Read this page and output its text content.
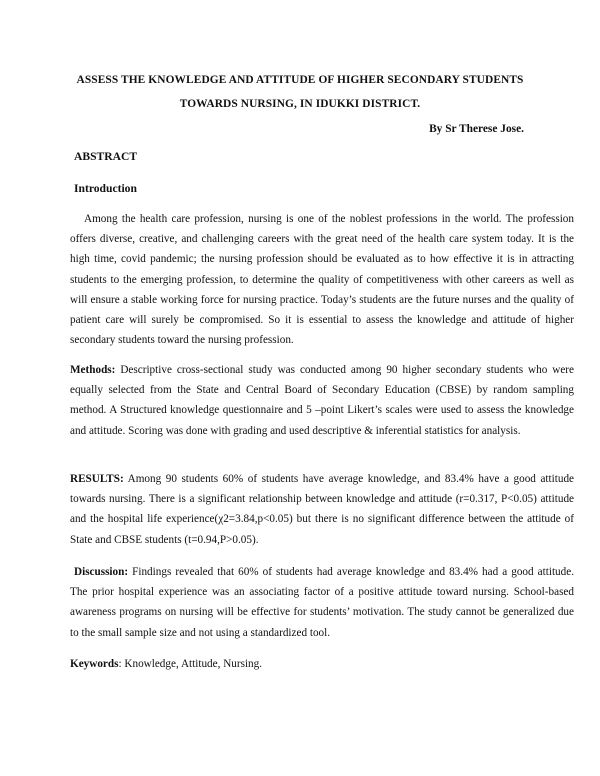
ASSESS THE KNOWLEDGE AND ATTITUDE OF HIGHER SECONDARY STUDENTS
TOWARDS NURSING, IN IDUKKI DISTRICT.
By Sr Therese Jose.
ABSTRACT
Introduction
Among the health care profession, nursing is one of the noblest professions in the world. The profession offers diverse, creative, and challenging careers with the great need of the health care system today. It is the high time, covid pandemic; the nursing profession should be evaluated as to how effective it is in attracting students to the emerging profession, to determine the quality of competitiveness with other careers as well as will ensure a stable working force for nursing practice. Today’s students are the future nurses and the quality of patient care will surely be compromised. So it is essential to assess the knowledge and attitude of higher secondary students toward the nursing profession.
Methods: Descriptive cross-sectional study was conducted among 90 higher secondary students who were equally selected from the State and Central Board of Secondary Education (CBSE) by random sampling method. A Structured knowledge questionnaire and 5 –point Likert’s scales were used to assess the knowledge and attitude. Scoring was done with grading and used descriptive & inferential statistics for analysis.
RESULTS: Among 90 students 60% of students have average knowledge, and 83.4% have a good attitude towards nursing. There is a significant relationship between knowledge and attitude (r=0.317, P<0.05) attitude and the hospital life experience(χ2=3.84,p<0.05) but there is no significant difference between the attitude of State and CBSE students (t=0.94,P>0.05).
Discussion: Findings revealed that 60% of students had average knowledge and 83.4% had a good attitude. The prior hospital experience was an associating factor of a positive attitude toward nursing. School-based awareness programs on nursing will be effective for students’ motivation. The study cannot be generalized due to the small sample size and not using a standardized tool.
Keywords: Knowledge, Attitude, Nursing.
